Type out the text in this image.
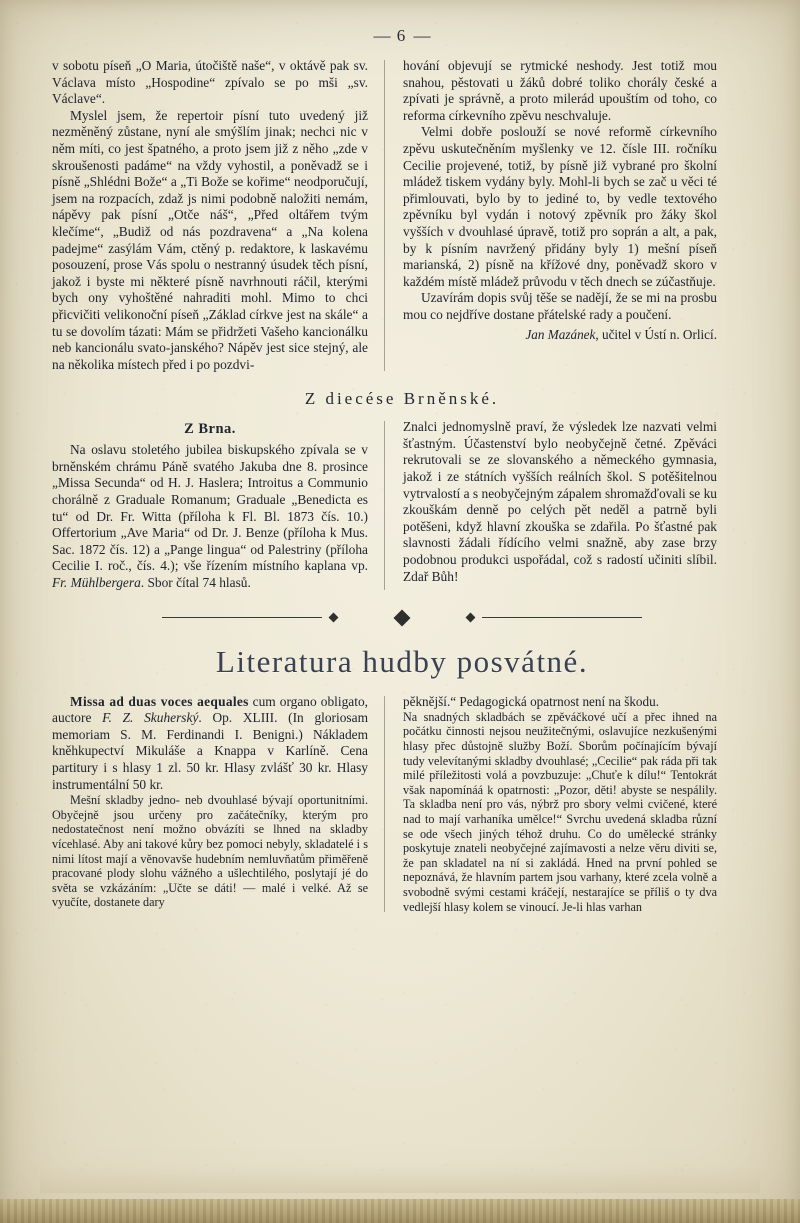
— 6 —

v sobotu píseň „O Maria, útočiště naše“, v oktávě pak sv. Václava místo „Hospodine“ zpívalo se po mši „sv. Václave“.

Myslel jsem, že repertoir písní tuto uvedený již nezměněný zůstane, nyní ale smýšlím jinak; nechci nic v něm míti, co jest špatného, a proto jsem již z něho „zde v skroušenosti padáme“ na vždy vyhostil, a poněvadž se i písně „Shlédni Bože“ a „Ti Bože se kořime“ neodporučují, jsem na rozpacích, zdaž js nimi podobně naložiti nemám, nápěvy pak písní „Otče náš“, „Před oltářem tvým klečíme“, „Budiž od nás pozdravena“ a „Na kolena padejme“ zasýlám Vám, ctěný p. redaktore, k laskavému posouzení, prose Vás spolu o nestranný úsudek těch písní, jakož i byste mi některé písně navrhnouti ráčil, kterými bych ony vyhoštěné nahraditi mohl. Mimo to chci přicvičiti velikonoční píseň „Základ církve jest na skále“ a tu se dovolím tázati: Mám se přidržeti Vašeho kancionálku neb kancionálu svato-janského? Nápěv jest sice stejný, ale na několika místech před i po pozdvi-

hování objevují se rytmické neshody. Jest totiž mou snahou, pěstovati u žáků dobré toliko chorály české a zpívati je správně, a proto milerád upouštím od toho, co reforma církevního zpěvu neschvaluje.

Velmi dobře poslouží se nové reformě církevního zpěvu uskutečněním myšlenky ve 12. čísle III. ročníku Cecilie projevené, totiž, by písně již vybrané pro školní mládež tiskem vydány byly. Mohl-li bych se zač u věci té přimlouvati, bylo by to jediné to, by vedle textového zpěvníku byl vydán i notový zpěvník pro žáky škol vyšších v dvouhlasé úpravě, totiž pro soprán a alt, a pak, by k písním navržený přidány byly 1) mešní píseň marianská, 2) písně na křížové dny, poněvadž skoro v každém místě mládež průvodu v těch dnech se zúčastňuje.

Uzavírám dopis svůj těše se nadějí, že se mi na prosbu mou co nejdříve dostane přátelské rady a poučení.

Jan Mazánek, učitel v Ústí n. Orlicí.

Z diecése Brněnské.
Z Brna.

Na oslavu stoletého jubilea biskupského zpívala se v brněnském chrámu Páně svatého Jakuba dne 8. prosince „Missa Secunda“ od H. J. Haslera; Introitus a Communio chorálně z Graduale Romanum; Graduale „Benedicta es tu“ od Dr. Fr. Witta (příloha k Fl. Bl. 1873 čís. 10.) Offertorium „Ave Maria“ od Dr. J. Benze (příloha k Mus. Sac. 1872 čís. 12) a „Pange lingua“ od Palestriny (příloha Cecilie I. roč., čís. 4.); vše řízením místního kaplana vp. Fr. Mühlbergera. Sbor čítal 74 hlasů.

Znalci jednomyslně praví, že výsledek lze nazvati velmi šťastným. Účastenství bylo neobyčejně četné. Zpěváci rekrutovali se ze slovanského a německého gymnasia, jakož i ze státních vyšších reálních škol. S potěšitelnou vytrvalostí a s neobyčejným zápalem shromažďovali se ku zkouškám denně po celých pět neděl a patrně byli potěšeni, když hlavní zkouška se zdařila. Po šťastné pak slavnosti žádali řídícího velmi snažně, aby zase brzy podobnou produkci uspořádal, což s radostí učiniti slíbil. Zdař Bůh!

Literatura hudby posvátné.

Missa ad duas voces aequales cum organo obligato, auctore F. Z. Skuherský. Op. XLIII. (In gloriosam memoriam S. M. Ferdinandi I. Benigni.) Nákladem kněhkupectví Mikuláše a Knappa v Karlíně. Cena partitury i s hlasy 1 zl. 50 kr. Hlasy zvlášť 30 kr. Hlasy instrumentální 50 kr.

Mešní skladby jedno- neb dvouhlasé bývají oportunitními. Obyčejně jsou určeny pro začátečníky, kterým pro nedostatečnost není možno obvázíti se lhned na skladby vícehlasé. Aby ani takové kůry bez pomoci nebyly, skladatelé i s nimi lítost mají a věnovavše hudebním nemluvňatům přiměřeně pracované plody slohu vážného a ušlechtilého, poslytají jé do světa se vzkázáním: „Učte se dáti! — malé i velké. Až se vyučíte, dostanete dary

pěknější.“ Pedagogická opatrnost není na škodu.

Na snadných skladbách se zpěváčkové učí a přec ihned na počátku činnosti nejsou neužitečnými, oslavujíce nezkušenými hlasy přec důstojně služby Boží. Sborům počínajícím bývají tudy velevítanými skladby dvouhlasé; „Cecilie“ pak ráda při tak milé příležitosti volá a povzbuzuje: „Chuťe k dílu!“ Tentokrát však napomínáá k opatrnosti: „Pozor, děti! abyste se nespálily. Ta skladba není pro vás, nýbrž pro sbory velmi cvičené, které nad to mají varhaníka umělce!“ Svrchu uvedená skladba různí se ode všech jiných téhož druhu. Co do umělecké stránky poskytuje znateli neobyčejné zajímavosti a nelze věru diviti se, že pan skladatel na ní si zakládá. Hned na první pohled se nepoznává, že hlavním partem jsou varhany, které zcela volně a svobodně svými cestami kráčejí, nestarajíce se příliš o ty dva vedlejší hlasy kolem se vinoucí. Je-li hlas varhan
